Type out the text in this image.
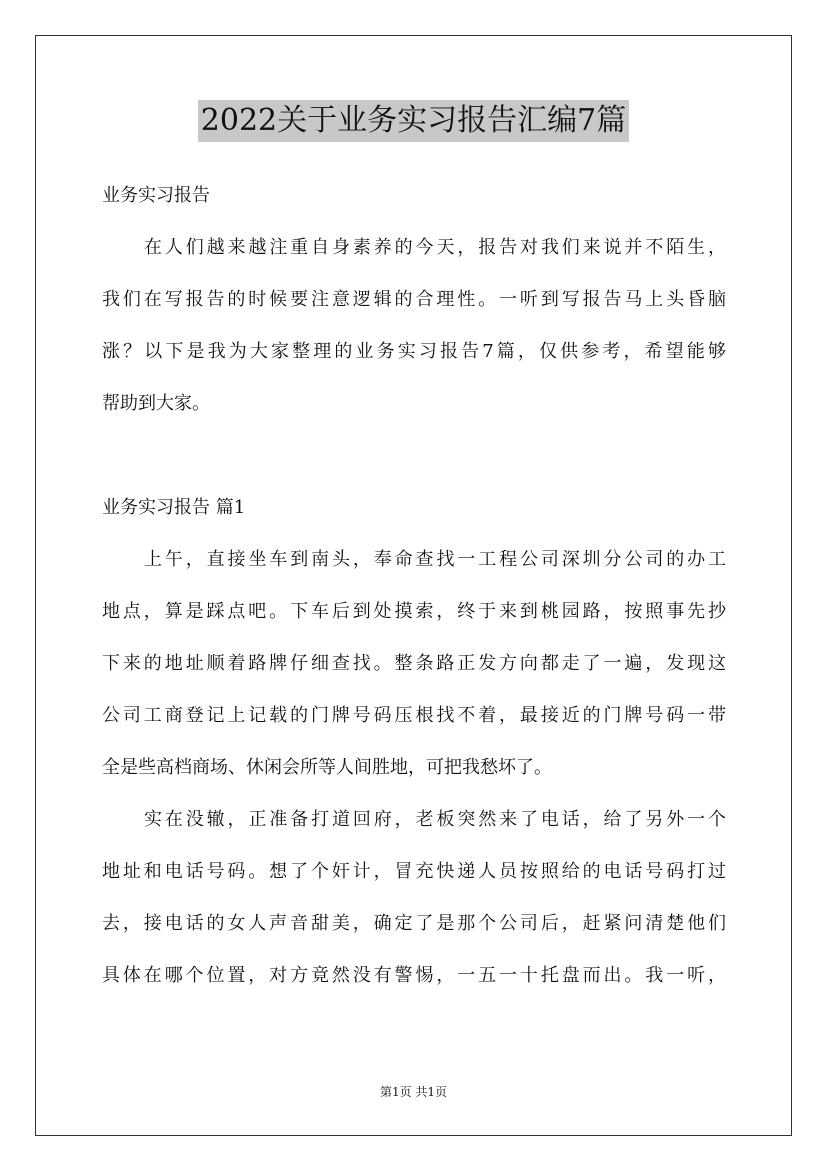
2022关于业务实习报告汇编7篇
业务实习报告
在人们越来越注重自身素养的今天，报告对我们来说并不陌生，
我们在写报告的时候要注意逻辑的合理性。一听到写报告马上头昏脑
涨？以下是我为大家整理的业务实习报告7篇，仅供参考，希望能够
帮助到大家。
业务实习报告 篇1
上午，直接坐车到南头，奉命查找一工程公司深圳分公司的办工
地点，算是踩点吧。下车后到处摸索，终于来到桃园路，按照事先抄
下来的地址顺着路牌仔细查找。整条路正发方向都走了一遍，发现这
公司工商登记上记载的门牌号码压根找不着，最接近的门牌号码一带
全是些高档商场、休闲会所等人间胜地，可把我愁坏了。
实在没辙，正准备打道回府，老板突然来了电话，给了另外一个
地址和电话号码。想了个奸计，冒充快递人员按照给的电话号码打过
去，接电话的女人声音甜美，确定了是那个公司后，赶紧问清楚他们
具体在哪个位置，对方竟然没有警惕，一五一十托盘而出。我一听，
第1页 共1页
